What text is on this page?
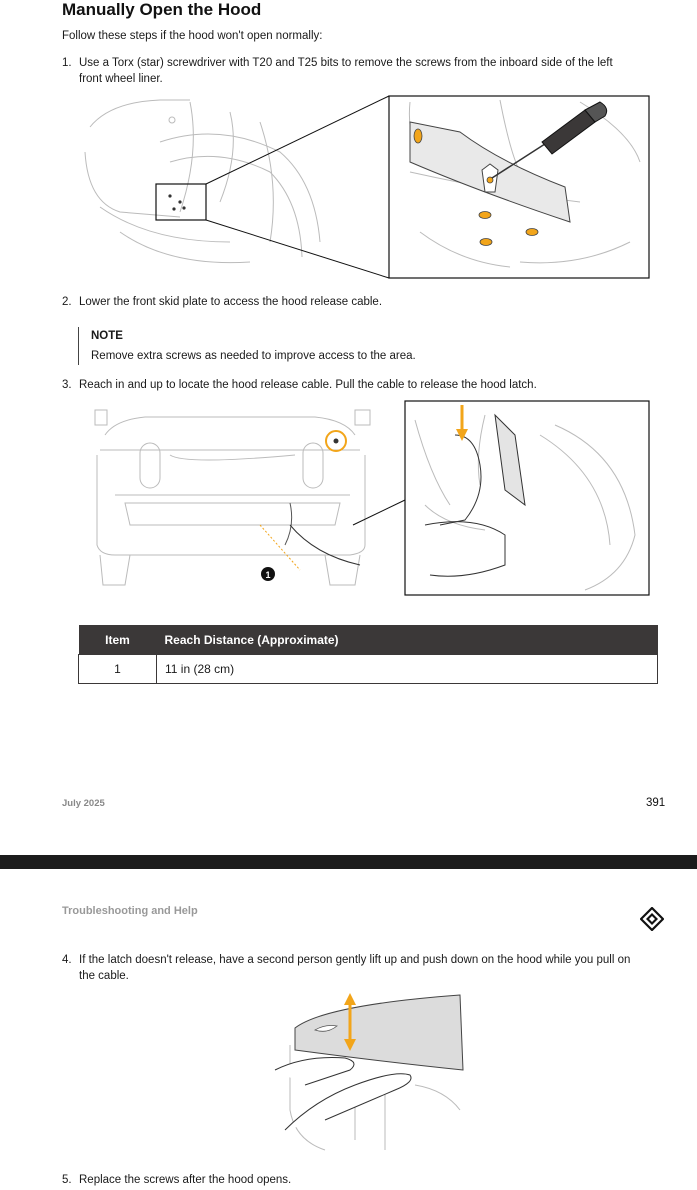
Manually Open the Hood
Follow these steps if the hood won't open normally:
1. Use a Torx (star) screwdriver with T20 and T25 bits to remove the screws from the inboard side of the left
front wheel liner.
2. Lower the front skid plate to access the hood release cable.
NOTE
Remove extra screws as needed to improve access to the area.
3. Reach in and up to locate the hood release cable. Pull the cable to release the hood latch.
1
Item	Reach Distance (Approximate)
1	11 in (28 cm)
July 2025	391
Troubleshooting and Help
4. If the latch doesn't release, have a second person gently lift up and push down on the hood while you pull on
the cable.
5. Replace the screws after the hood opens.
